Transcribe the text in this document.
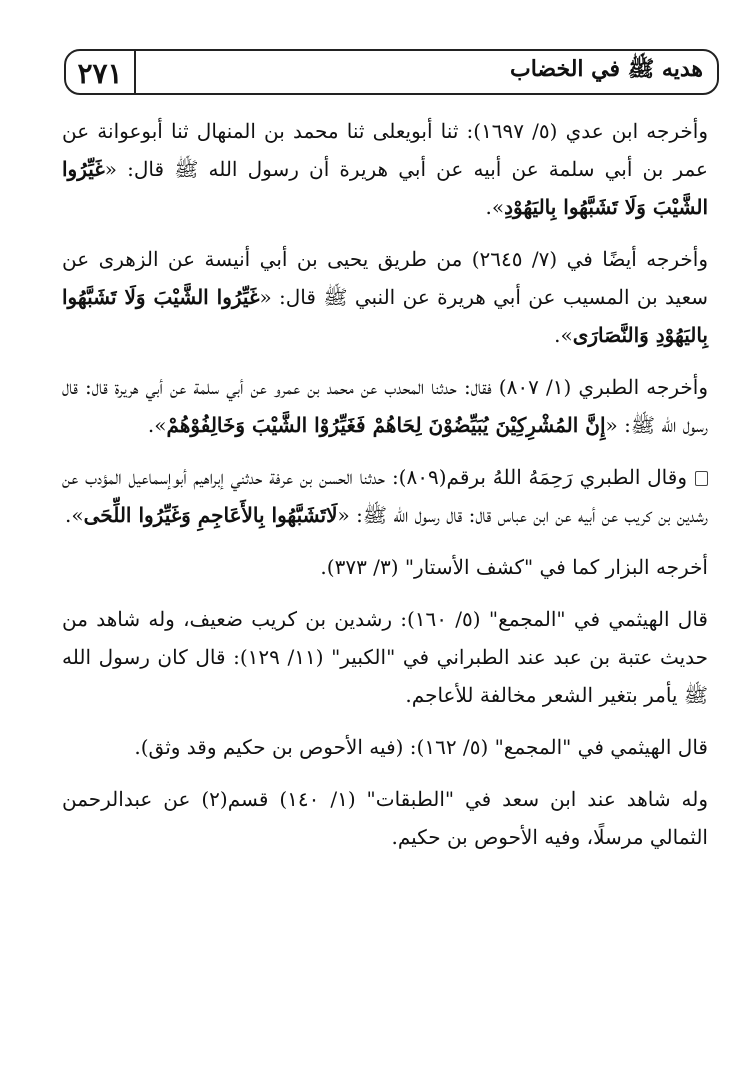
٢٧١	هديه ﷺ في الخضاب

وأخرجه ابن عدي (٥/ ١٦٩٧): ثنا أبويعلى ثنا محمد بن المنهال ثنا أبوعوانة عن عمر بن أبي سلمة عن أبيه عن أبي هريرة أن رسول الله ﷺ قال: «غَيِّرُوا الشَّيْبَ وَلَا تَشَبَّهُوا بِاليَهُوْدِ».

وأخرجه أيضًا في (٧/ ٢٦٤٥) من طريق يحيى بن أبي أنيسة عن الزهرى عن سعيد بن المسيب عن أبي هريرة عن النبي ﷺ قال: «غَيِّرُوا الشَّيْبَ وَلَا تَشَبَّهُوا بِاليَهُوْدِ وَالنَّصَارَى».

وأخرجه الطبري (١/ ٨٠٧) فقال: حدثنا المحدب عن محمد بن عمرو عن أبي سلمة عن أبي هريرة قال: قال رسول الله ﷺ: «إِنَّ المُشْرِكِيْنَ يُبَيِّضُوْنَ لِحَاهُمْ فَغَيِّرُوْا الشَّيْبَ وَخَالِفُوْهُمْ».

وقال الطبري رَحِمَهُ اللهُ برقم(٨٠٩): حدثنا الحسن بن عرفة حدثني إبراهيم أبوإسماعيل المؤدب عن رشدين بن كريب عن أبيه عن ابن عباس قال: قال رسول الله ﷺ: «لَاتَشَبَّهُوا بِالأَعَاجِمِ وَغَيِّرُوا اللِّحَى».

أخرجه البزار كما في "كشف الأستار" (٣/ ٣٧٣).

قال الهيثمي في "المجمع" (٥/ ١٦٠): رشدين بن كريب ضعيف، وله شاهد من حديث عتبة بن عبد عند الطبراني في "الكبير" (١١/ ١٢٩): قال كان رسول الله ﷺ يأمر بتغير الشعر مخالفة للأعاجم.

قال الهيثمي في "المجمع" (٥/ ١٦٢): (فيه الأحوص بن حكيم وقد وثق).

وله شاهد عند ابن سعد في "الطبقات" (١/ ١٤٠) قسم(٢) عن عبدالرحمن الثمالي مرسلًا، وفيه الأحوص بن حكيم.
